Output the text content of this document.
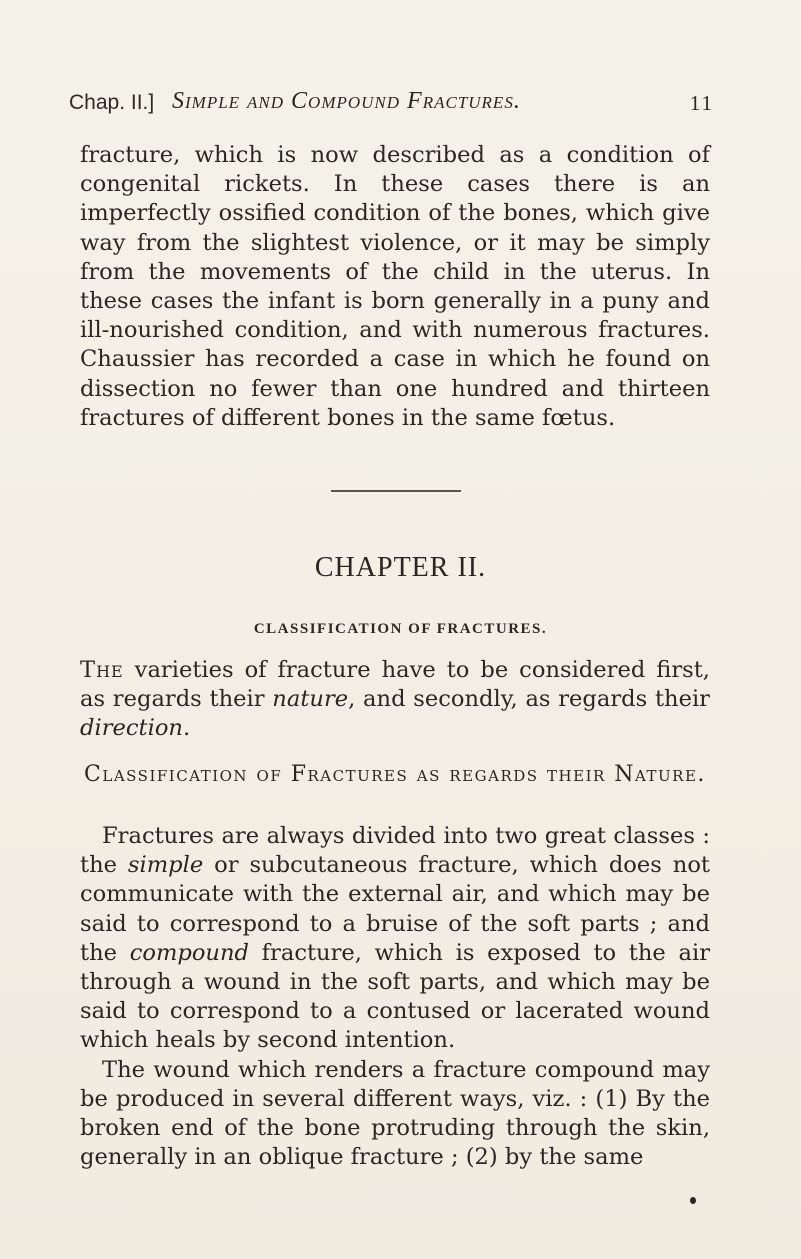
Chap. II.] Simple and Compound Fractures.	11
fracture, which is now described as a condition of congenital rickets. In these cases there is an imperfectly ossified condition of the bones, which give way from the slightest violence, or it may be simply from the movements of the child in the uterus. In these cases the infant is born generally in a puny and ill-nourished condition, and with numerous fractures. Chaussier has recorded a case in which he found on dissection no fewer than one hundred and thirteen fractures of different bones in the same fœtus.
CHAPTER II.
CLASSIFICATION OF FRACTURES.
The varieties of fracture have to be considered first, as regards their nature, and secondly, as regards their direction.
Classification of Fractures as regards their Nature.

Fractures are always divided into two great classes : the simple or subcutaneous fracture, which does not communicate with the external air, and which may be said to correspond to a bruise of the soft parts ; and the compound fracture, which is exposed to the air through a wound in the soft parts, and which may be said to correspond to a contused or lacerated wound which heals by second intention.

The wound which renders a fracture compound may be produced in several different ways, viz. : (1) By the broken end of the bone protruding through the skin, generally in an oblique fracture ; (2) by the same
